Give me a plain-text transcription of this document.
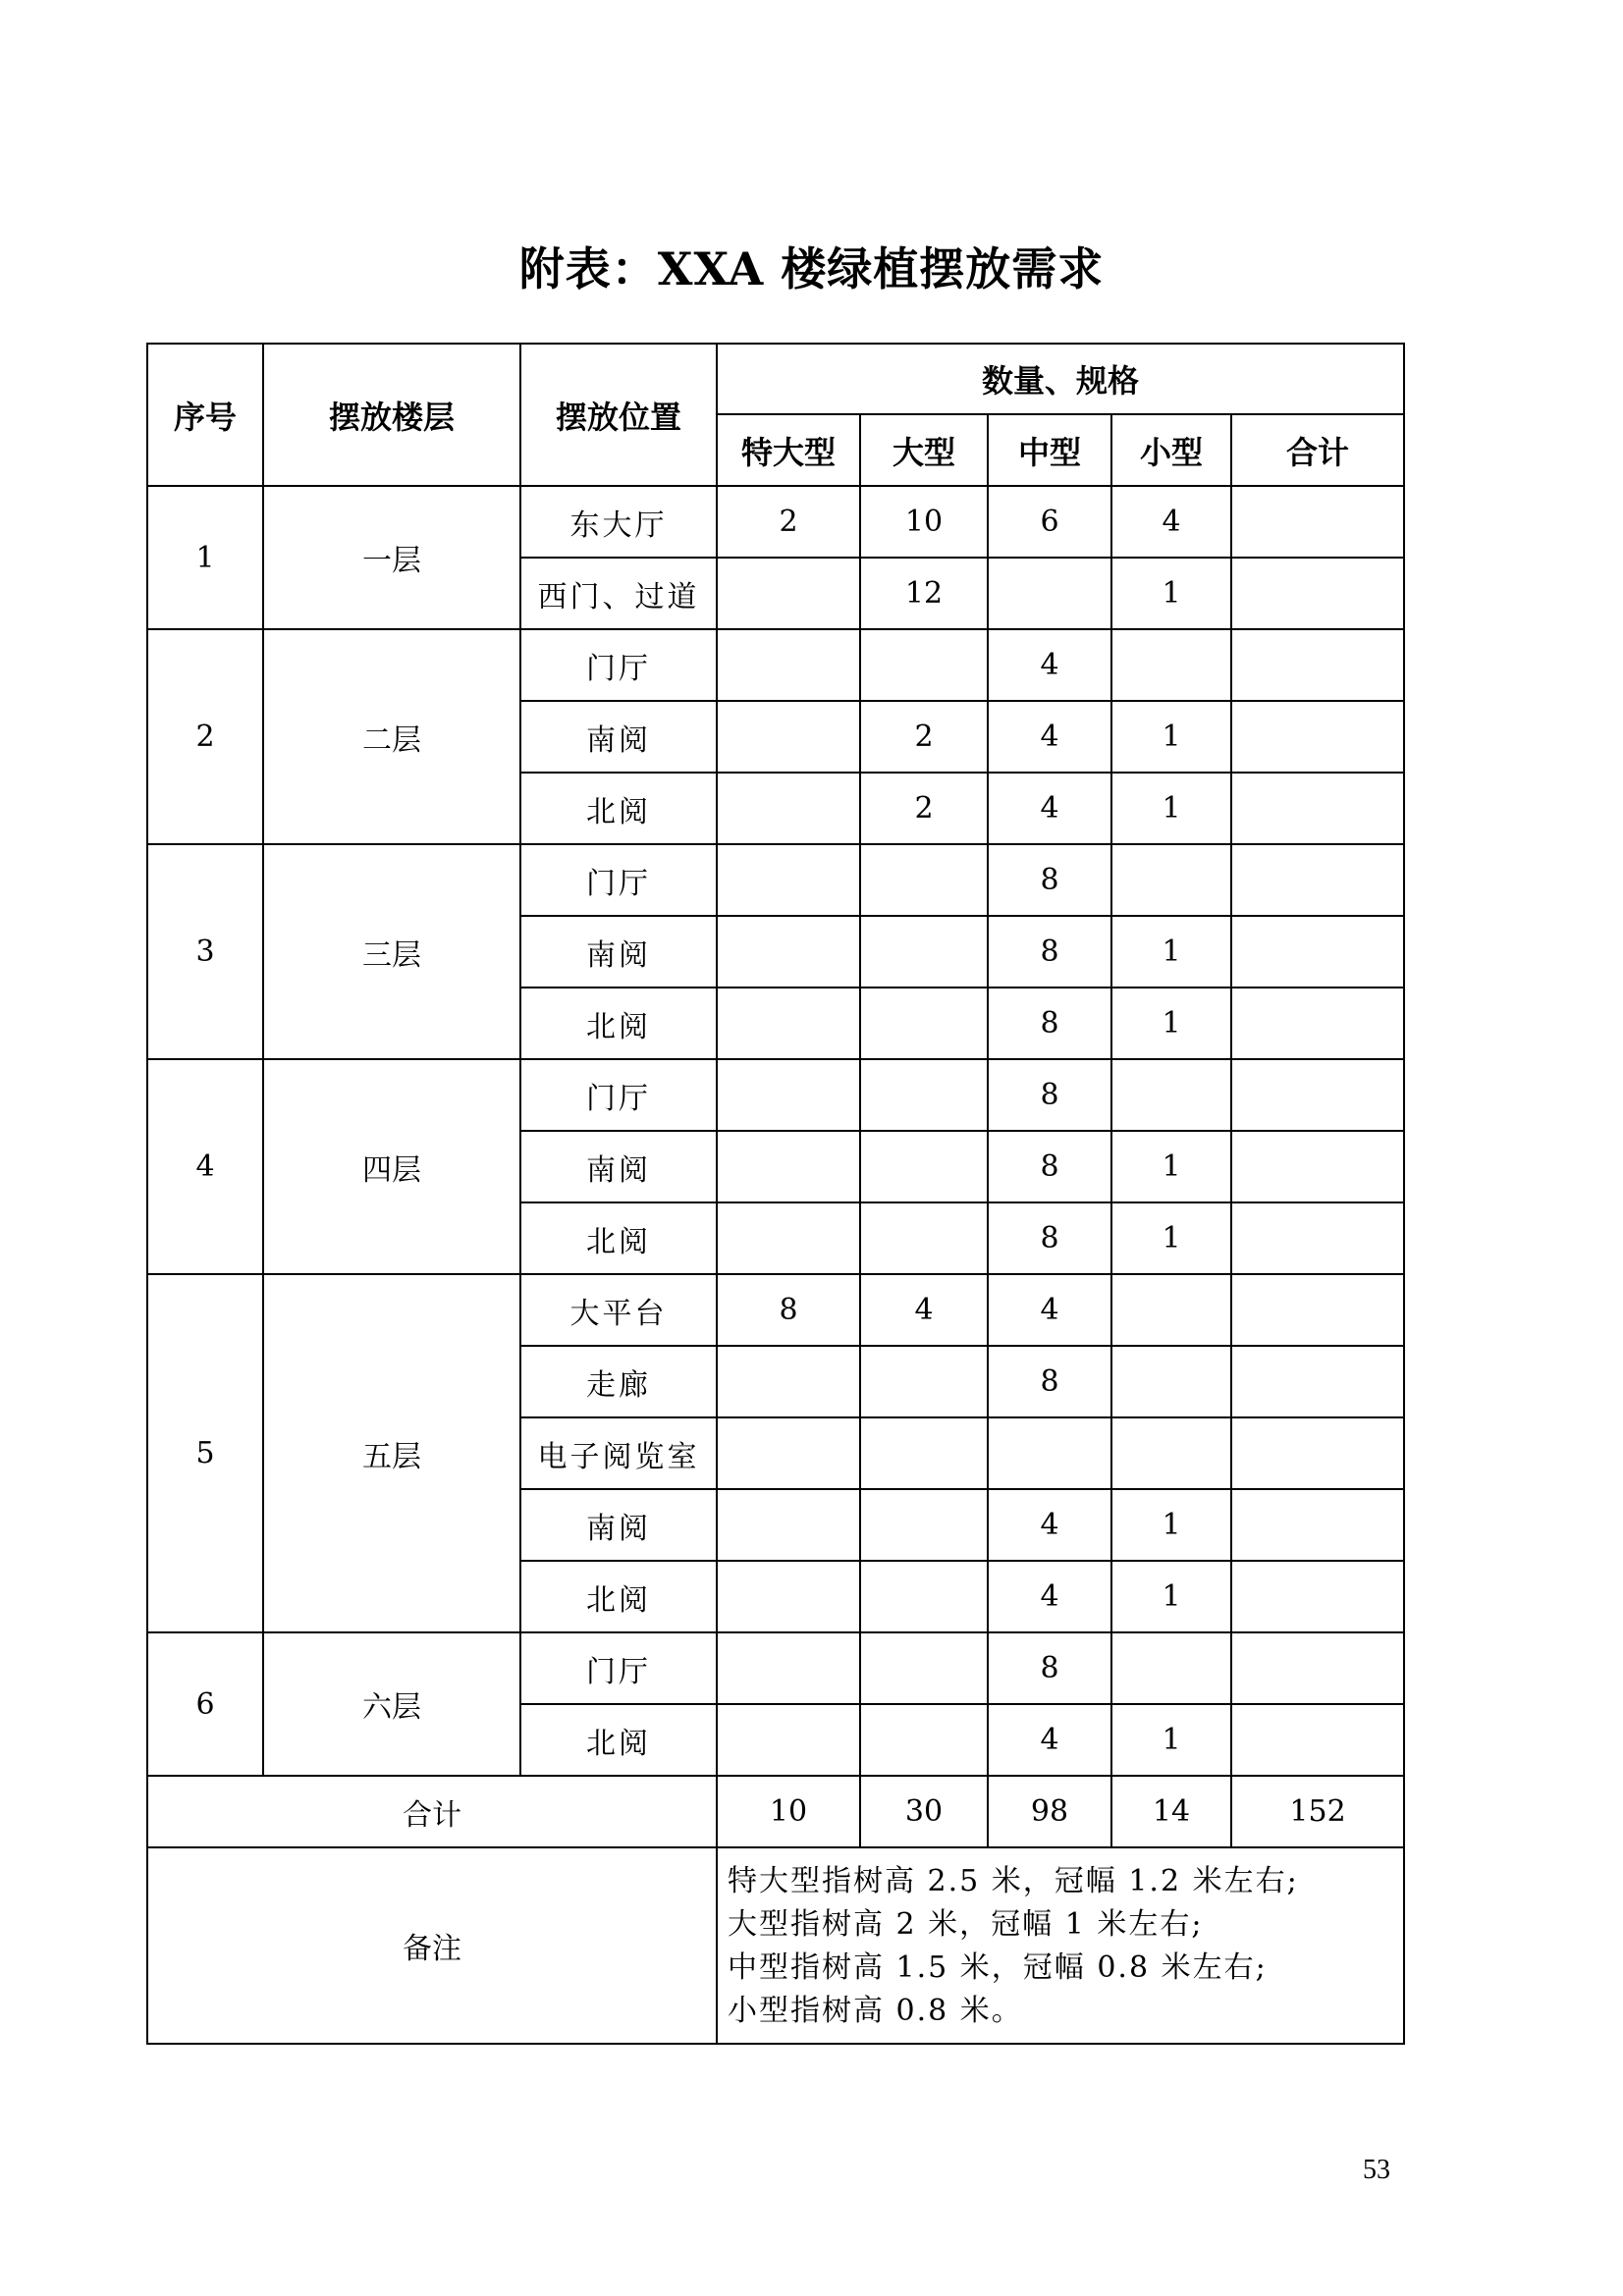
附表：XXA 楼绿植摆放需求
序号	摆放楼层	摆放位置	数量、规格				
			特大型	大型	中型	小型	合计
1	一层	东大厅	2	10	6	4	
		西门、过道		12		1	
2	二层	门厅			4		
		南阅		2	4	1	
		北阅		2	4	1	
3	三层	门厅			8		
		南阅			8	1	
		北阅			8	1	
4	四层	门厅			8		
		南阅			8	1	
		北阅			8	1	
5	五层	大平台	8	4	4		
		走廊			8		
		电子阅览室					
		南阅			4	1	
		北阅			4	1	
6	六层	门厅			8		
		北阅			4	1	
合计			10	30	98	14	152
备注			特大型指树高 2.5 米，冠幅 1.2 米左右;
大型指树高 2 米，冠幅 1 米左右;
中型指树高 1.5 米，冠幅 0.8 米左右;
小型指树高 0.8 米。				
53
